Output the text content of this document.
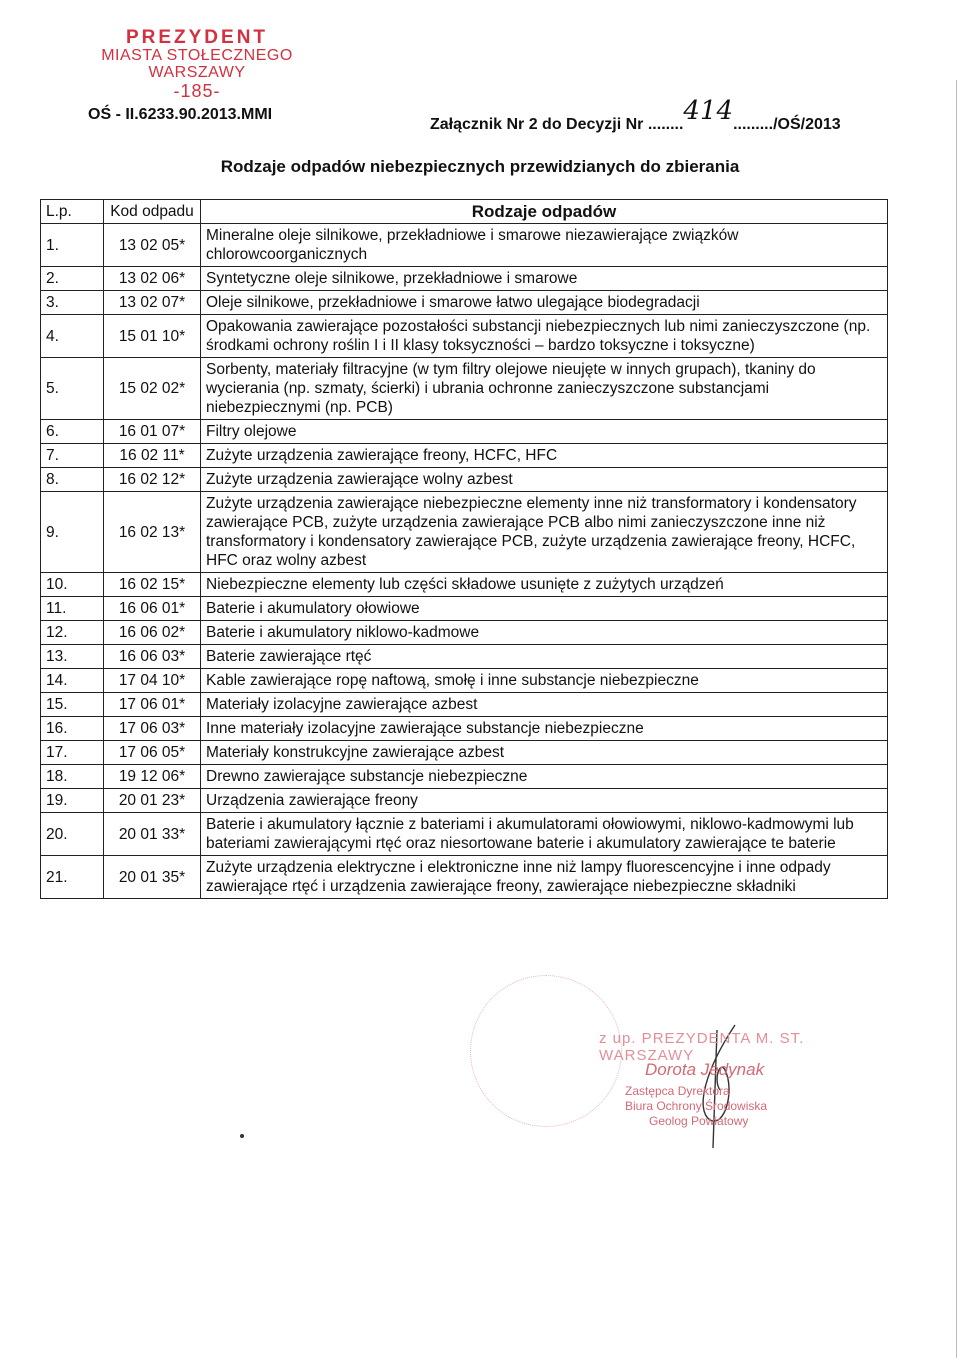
PREZYDENT
MIASTA STOŁECZNEGO WARSZAWY
-185-
OŚ - II.6233.90.2013.MMI
Załącznik Nr 2 do Decyzji Nr ........414........./OŚ/2013
Rodzaje odpadów niebezpiecznych przewidzianych do zbierania
L.p.	Kod odpadu	Rodzaje odpadów
1.	13 02 05*	Mineralne oleje silnikowe, przekładniowe i smarowe niezawierające związków chlorowcoorganicznych
2.	13 02 06*	Syntetyczne oleje silnikowe, przekładniowe i smarowe
3.	13 02 07*	Oleje silnikowe, przekładniowe i smarowe łatwo ulegające biodegradacji
4.	15 01 10*	Opakowania zawierające pozostałości substancji niebezpiecznych lub nimi zanieczyszczone (np. środkami ochrony roślin I i II klasy toksyczności – bardzo toksyczne i toksyczne)
5.	15 02 02*	Sorbenty, materiały filtracyjne (w tym filtry olejowe nieujęte w innych grupach), tkaniny do wycierania (np. szmaty, ścierki) i ubrania ochronne zanieczyszczone substancjami niebezpiecznymi (np. PCB)
6.	16 01 07*	Filtry olejowe
7.	16 02 11*	Zużyte urządzenia zawierające freony, HCFC, HFC
8.	16 02 12*	Zużyte urządzenia zawierające wolny azbest
9.	16 02 13*	Zużyte urządzenia zawierające niebezpieczne elementy inne niż transformatory i kondensatory zawierające PCB, zużyte urządzenia zawierające PCB albo nimi zanieczyszczone inne niż transformatory i kondensatory zawierające PCB, zużyte urządzenia zawierające freony, HCFC, HFC oraz wolny azbest
10.	16 02 15*	Niebezpieczne elementy lub części składowe usunięte z zużytych urządzeń
11.	16 06 01*	Baterie i akumulatory ołowiowe
12.	16 06 02*	Baterie i akumulatory niklowo-kadmowe
13.	16 06 03*	Baterie zawierające rtęć
14.	17 04 10*	Kable zawierające ropę naftową, smołę i inne substancje niebezpieczne
15.	17 06 01*	Materiały izolacyjne zawierające azbest
16.	17 06 03*	Inne materiały izolacyjne zawierające substancje niebezpieczne
17.	17 06 05*	Materiały konstrukcyjne zawierające azbest
18.	19 12 06*	Drewno zawierające substancje niebezpieczne
19.	20 01 23*	Urządzenia zawierające freony
20.	20 01 33*	Baterie i akumulatory łącznie z bateriami i akumulatorami ołowiowymi, niklowo-kadmowymi lub bateriami zawierającymi rtęć oraz niesortowane baterie i akumulatory zawierające te baterie
21.	20 01 35*	Zużyte urządzenia elektryczne i elektroniczne inne niż lampy fluorescencyjne i inne odpady zawierające rtęć i urządzenia zawierające freony, zawierające niebezpieczne składniki
z up. PREZYDENTA M. ST. WARSZAWY
Dorota Jedynak
Zastępca Dyrektora
Biura Ochrony Środowiska
Geolog Powiatowy
